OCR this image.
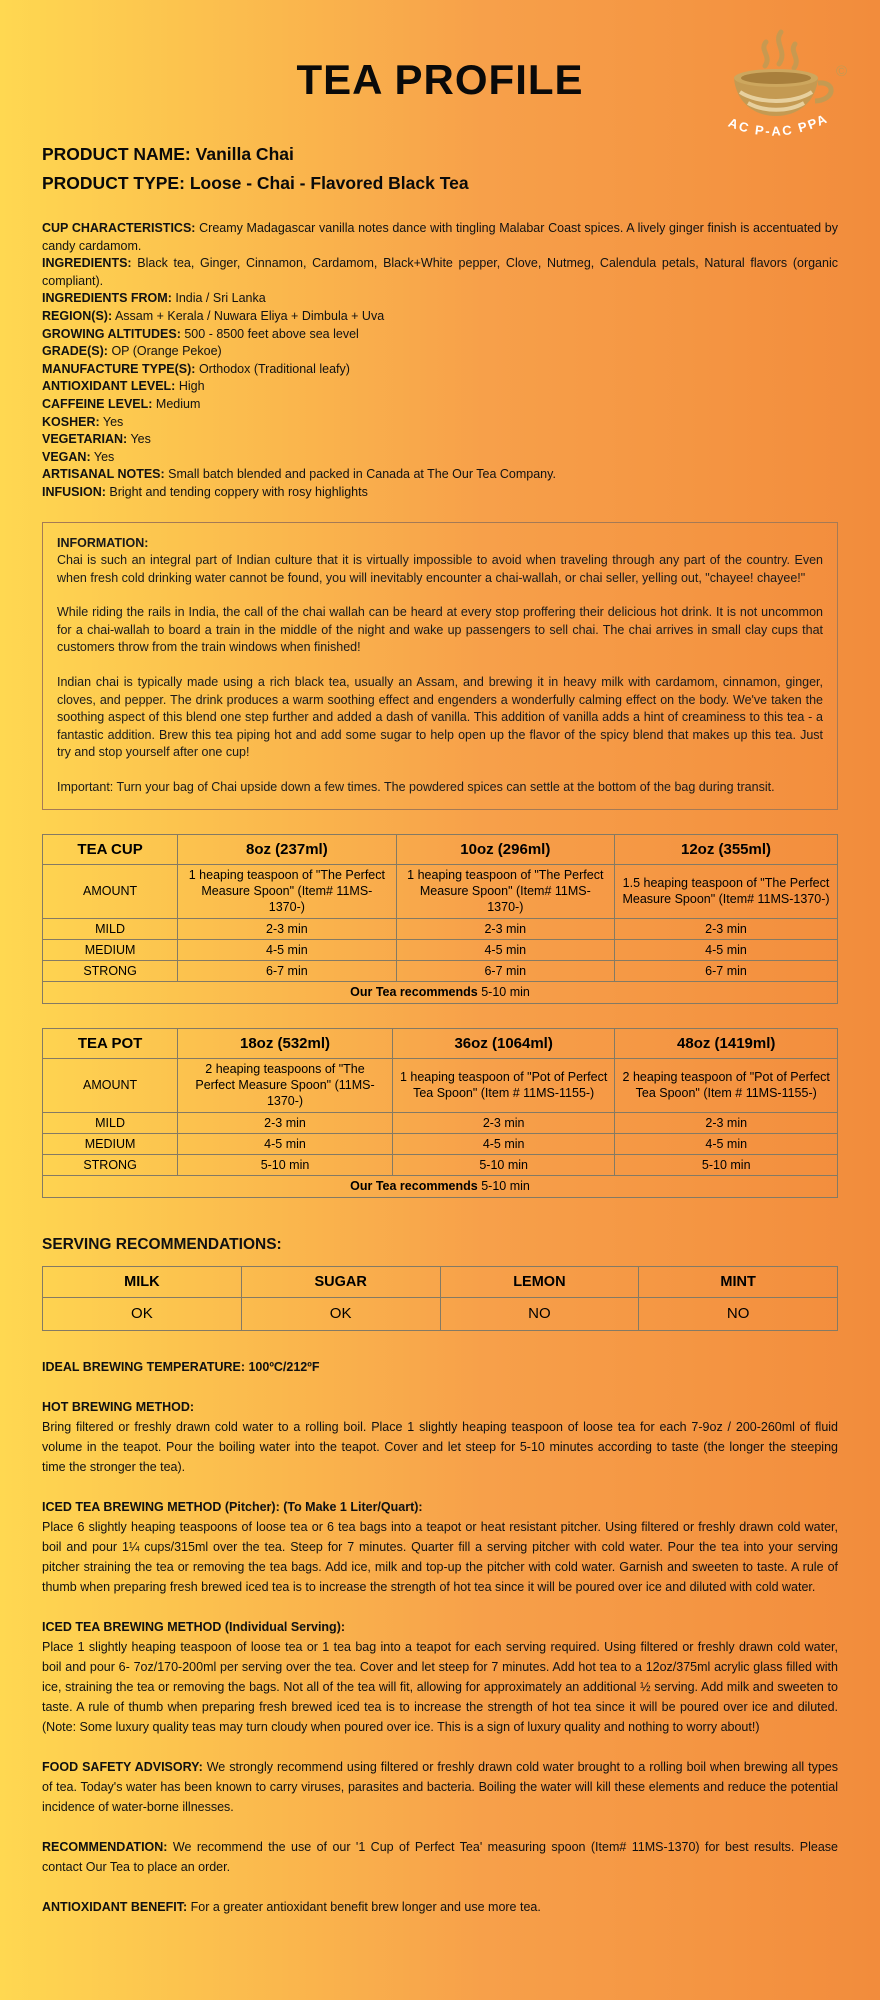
TEA PROFILE	©
AC P-AC PPA
PRODUCT NAME: Vanilla Chai
PRODUCT TYPE: Loose - Chai - Flavored Black Tea
CUP CHARACTERISTICS: Creamy Madagascar vanilla notes dance with tingling Malabar Coast spices. A lively ginger finish is accentuated by candy cardamom.
INGREDIENTS: Black tea, Ginger, Cinnamon, Cardamom, Black+White pepper, Clove, Nutmeg, Calendula petals, Natural flavors (organic compliant).
INGREDIENTS FROM: India / Sri Lanka
REGION(S): Assam + Kerala / Nuwara Eliya + Dimbula + Uva
GROWING ALTITUDES: 500 - 8500 feet above sea level
GRADE(S): OP (Orange Pekoe)
MANUFACTURE TYPE(S): Orthodox (Traditional leafy)
ANTIOXIDANT LEVEL: High
CAFFEINE LEVEL: Medium
KOSHER: Yes
VEGETARIAN: Yes
VEGAN: Yes
ARTISANAL NOTES: Small batch blended and packed in Canada at The Our Tea Company.
INFUSION: Bright and tending coppery with rosy highlights
INFORMATION:

Chai is such an integral part of Indian culture that it is virtually impossible to avoid when traveling through any part of the country. Even when fresh cold drinking water cannot be found, you will inevitably encounter a chai-wallah, or chai seller, yelling out, "chayee! chayee!"

While riding the rails in India, the call of the chai wallah can be heard at every stop proffering their delicious hot drink. It is not uncommon for a chai-wallah to board a train in the middle of the night and wake up passengers to sell chai. The chai arrives in small clay cups that customers throw from the train windows when finished!

Indian chai is typically made using a rich black tea, usually an Assam, and brewing it in heavy milk with cardamom, cinnamon, ginger, cloves, and pepper. The drink produces a warm soothing effect and engenders a wonderfully calming effect on the body. We've taken the soothing aspect of this blend one step further and added a dash of vanilla. This addition of vanilla adds a hint of creaminess to this tea - a fantastic addition. Brew this tea piping hot and add some sugar to help open up the flavor of the spicy blend that makes up this tea. Just try and stop yourself after one cup!

Important: Turn your bag of Chai upside down a few times. The powdered spices can settle at the bottom of the bag during transit.

TEA CUP	8oz (237ml)	10oz (296ml)	12oz (355ml)
AMOUNT	1 heaping teaspoon of "The Perfect Measure Spoon" (Item# 11MS-1370-)	1 heaping teaspoon of "The Perfect Measure Spoon" (Item# 11MS-1370-)	1.5 heaping teaspoon of "The Perfect Measure Spoon" (Item# 11MS-1370-)
MILD	2-3 min	2-3 min	2-3 min
MEDIUM	4-5 min	4-5 min	4-5 min
STRONG	6-7 min	6-7 min	6-7 min
Our Tea recommends 5-10 min			
TEA POT	18oz (532ml)	36oz (1064ml)	48oz (1419ml)
AMOUNT	2 heaping teaspoons of "The Perfect Measure Spoon" (11MS-1370-)	1 heaping teaspoon of "Pot of Perfect Tea Spoon" (Item # 11MS-1155-)	2 heaping teaspoon of "Pot of Perfect Tea Spoon" (Item # 11MS-1155-)
MILD	2-3 min	2-3 min	2-3 min
MEDIUM	4-5 min	4-5 min	4-5 min
STRONG	5-10 min	5-10 min	5-10 min
Our Tea recommends 5-10 min			
SERVING RECOMMENDATIONS:
MILK	SUGAR	LEMON	MINT
OK	OK	NO	NO
IDEAL BREWING TEMPERATURE: 100ºC/212ºF
HOT BREWING METHOD:

Bring filtered or freshly drawn cold water to a rolling boil. Place 1 slightly heaping teaspoon of loose tea for each 7-9oz / 200-260ml of fluid volume in the teapot. Pour the boiling water into the teapot. Cover and let steep for 5-10 minutes according to taste (the longer the steeping time the stronger the tea).

ICED TEA BREWING METHOD (Pitcher): (To Make 1 Liter/Quart):

Place 6 slightly heaping teaspoons of loose tea or 6 tea bags into a teapot or heat resistant pitcher. Using filtered or freshly drawn cold water, boil and pour 1¼ cups/315ml over the tea. Steep for 7 minutes. Quarter fill a serving pitcher with cold water. Pour the tea into your serving pitcher straining the tea or removing the tea bags. Add ice, milk and top-up the pitcher with cold water. Garnish and sweeten to taste. A rule of thumb when preparing fresh brewed iced tea is to increase the strength of hot tea since it will be poured over ice and diluted with cold water.

ICED TEA BREWING METHOD (Individual Serving):

Place 1 slightly heaping teaspoon of loose tea or 1 tea bag into a teapot for each serving required. Using filtered or freshly drawn cold water, boil and pour 6- 7oz/170-200ml per serving over the tea. Cover and let steep for 7 minutes. Add hot tea to a 12oz/375ml acrylic glass filled with ice, straining the tea or removing the bags. Not all of the tea will fit, allowing for approximately an additional ½ serving. Add milk and sweeten to taste. A rule of thumb when preparing fresh brewed iced tea is to increase the strength of hot tea since it will be poured over ice and diluted. (Note: Some luxury quality teas may turn cloudy when poured over ice. This is a sign of luxury quality and nothing to worry about!)

FOOD SAFETY ADVISORY: We strongly recommend using filtered or freshly drawn cold water brought to a rolling boil when brewing all types of tea. Today's water has been known to carry viruses, parasites and bacteria. Boiling the water will kill these elements and reduce the potential incidence of water-borne illnesses.

RECOMMENDATION: We recommend the use of our '1 Cup of Perfect Tea' measuring spoon (Item# 11MS-1370) for best results. Please contact Our Tea to place an order.

ANTIOXIDANT BENEFIT: For a greater antioxidant benefit brew longer and use more tea.
